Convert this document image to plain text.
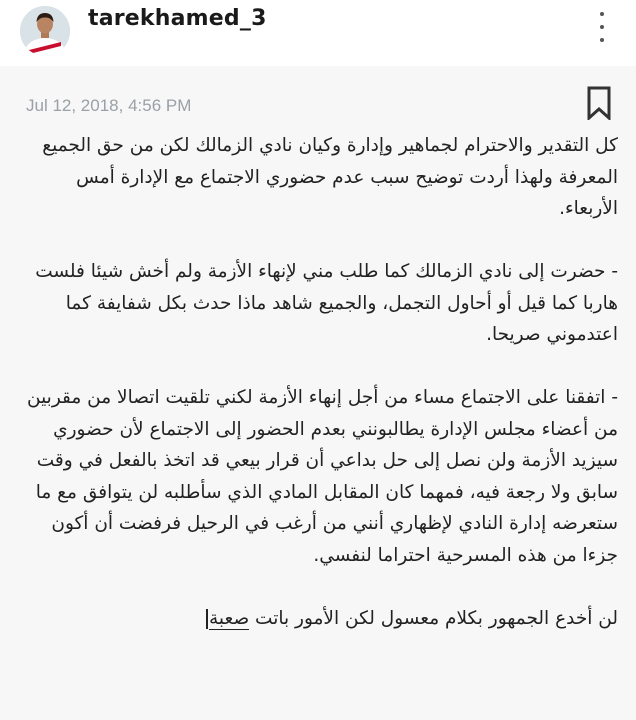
tarekhamed_3
Jul 12, 2018, 4:56 PM

كل التقدير والاحترام لجماهير وإدارة وكيان نادي الزمالك لكن من حق الجميع المعرفة ولهذا أردت توضيح سبب عدم حضوري الاجتماع مع الإدارة أمس الأربعاء.

- حضرت إلى نادي الزمالك كما طلب مني لإنهاء الأزمة ولم أخش شيئا فلست هاربا كما قيل أو أحاول التجمل، والجميع شاهد ماذا حدث بكل شفايفة كما اعتدموني صريحا.

- اتفقنا على الاجتماع مساء من أجل إنهاء الأزمة لكني تلقيت اتصالا من مقربين من أعضاء مجلس الإدارة يطالبونني بعدم الحضور إلى الاجتماع لأن حضوري سيزيد الأزمة ولن نصل إلى حل بداعي أن قرار بيعي قد اتخذ بالفعل في وقت سابق ولا رجعة فيه، فمهما كان المقابل المادي الذي سأطلبه لن يتوافق مع ما ستعرضه إدارة النادي لإظهاري أنني من أرغب في الرحيل فرفضت أن أكون جزءا من هذه المسرحية احتراما لنفسي.

لن أخدع الجمهور بكلام معسول لكن الأمور باتت صعبة
